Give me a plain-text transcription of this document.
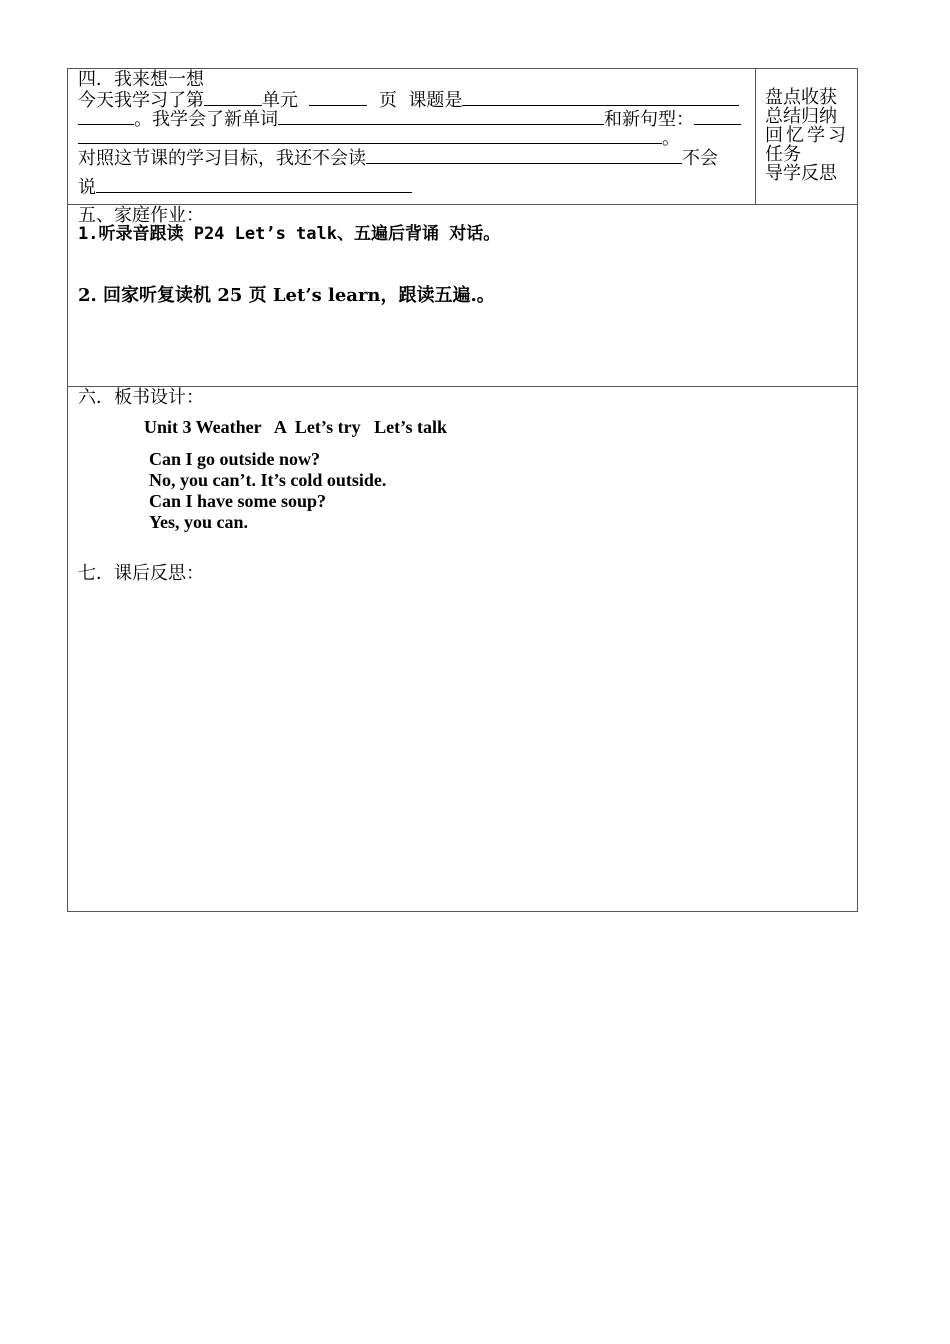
四．我来想一想
今天我学习了第	单元	页 课题是
。我学会了新单词	和新句型：
。
对照这节课的学习目标，我还不会读	不会
说
盘点收获
总结归纳
回忆学习
任务
导学反思
五、家庭作业：
1.听录音跟读 P24 Let’s talk、五遍后背诵 对话。
2. 回家听复读机 25 页 Let’s learn，跟读五遍.。
六．板书设计：
Unit 3 Weather   A  Let’s try   Let’s talk
Can I go outside now?
No, you can’t. It’s cold outside.
Can I have some soup?
Yes, you can.
七．课后反思：
